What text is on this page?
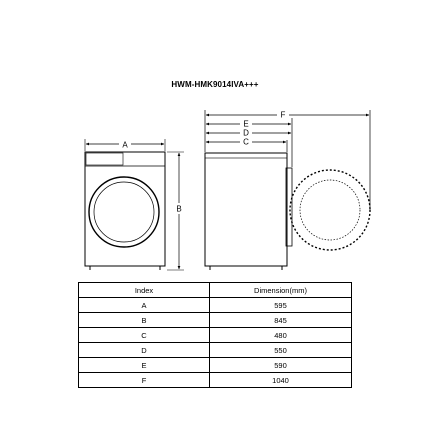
HWM-HMK9014IVA+++
A
B
F
E
D
C
Index	Dimension(mm)
A	595
B	845
C	480
D	550
E	590
F	1040
